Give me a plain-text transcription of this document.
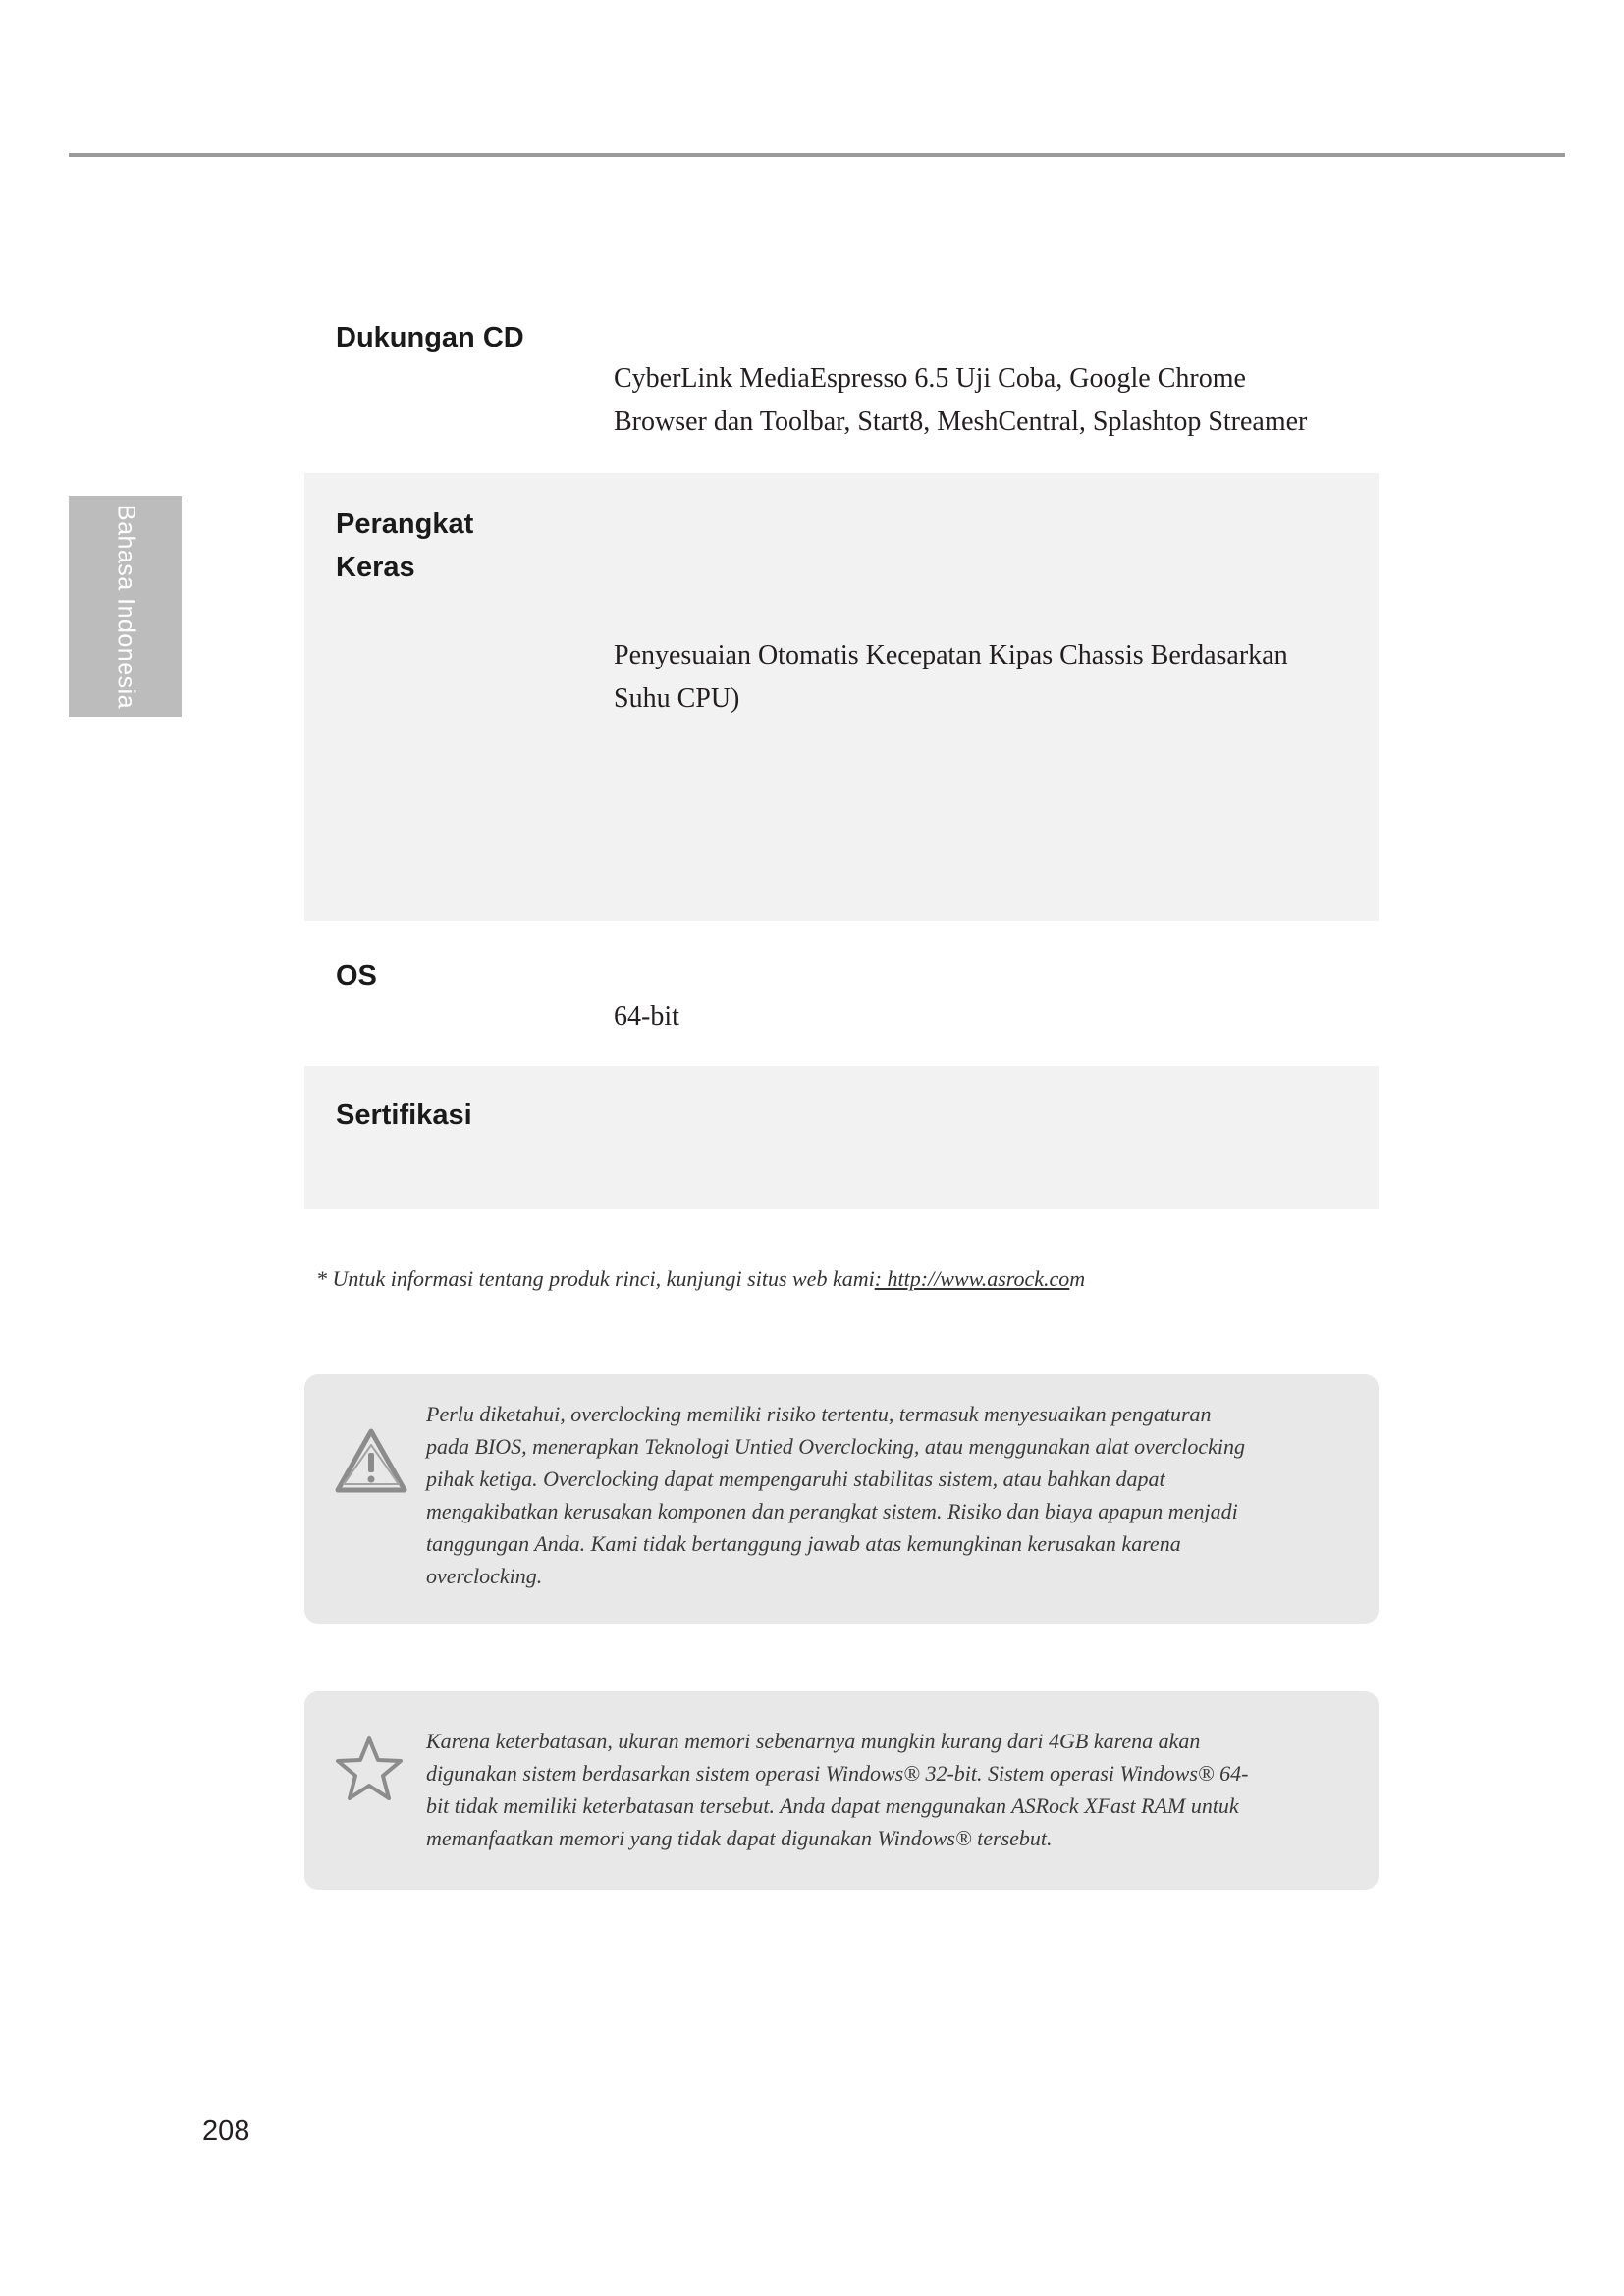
Bahasa Indonesia
Dukungan CD
CyberLink MediaEspresso 6.5 Uji Coba, Google Chrome
Browser dan Toolbar, Start8, MeshCentral, Splashtop Streamer
Perangkat
Keras
Penyesuaian Otomatis Kecepatan Kipas Chassis Berdasarkan
Suhu CPU)
OS
64-bit
Sertifikasi
* Untuk informasi tentang produk rinci, kunjungi situs web kami: http://www.asrock.com
Perlu diketahui, overclocking memiliki risiko tertentu, termasuk menyesuaikan pengaturan
pada BIOS, menerapkan Teknologi Untied Overclocking, atau menggunakan alat overclocking
pihak ketiga. Overclocking dapat mempengaruhi stabilitas sistem, atau bahkan dapat
mengakibatkan kerusakan komponen dan perangkat sistem. Risiko dan biaya apapun menjadi
tanggungan Anda. Kami tidak bertanggung jawab atas kemungkinan kerusakan karena
overclocking.
Karena keterbatasan, ukuran memori sebenarnya mungkin kurang dari 4GB karena akan
digunakan sistem berdasarkan sistem operasi Windows® 32-bit. Sistem operasi Windows® 64-
bit tidak memiliki keterbatasan tersebut. Anda dapat menggunakan ASRock XFast RAM untuk
memanfaatkan memori yang tidak dapat digunakan Windows® tersebut.
208
